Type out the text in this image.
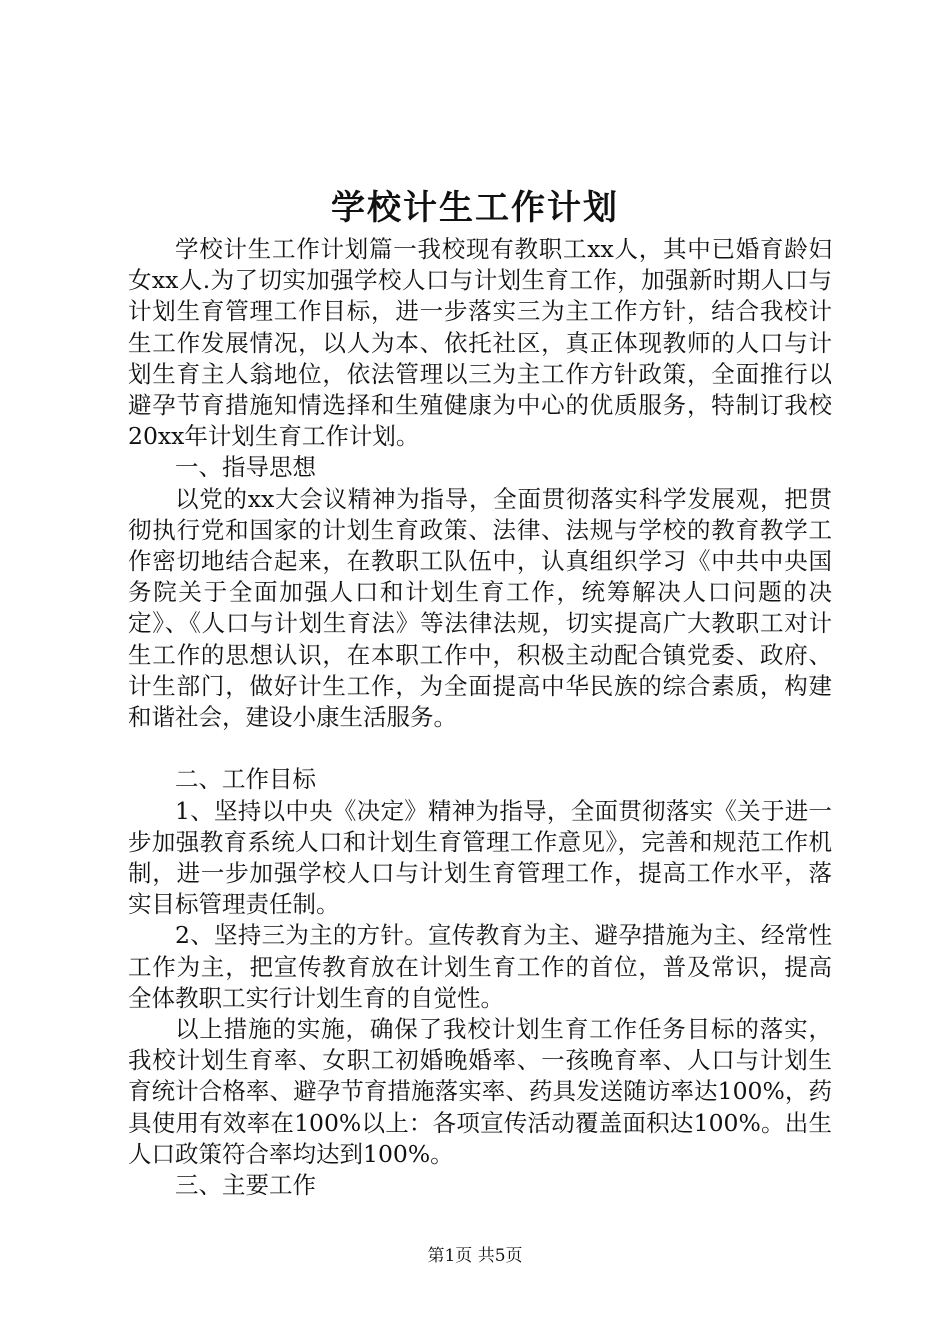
学校计生工作计划

学校计生工作计划篇一我校现有教职工xx人，其中已婚育龄妇女xx人.为了切实加强学校人口与计划生育工作，加强新时期人口与计划生育管理工作目标，进一步落实三为主工作方针，结合我校计生工作发展情况，以人为本、依托社区，真正体现教师的人口与计划生育主人翁地位，依法管理以三为主工作方针政策，全面推行以避孕节育措施知情选择和生殖健康为中心的优质服务，特制订我校20xx年计划生育工作计划。

一、指导思想

以党的xx大会议精神为指导，全面贯彻落实科学发展观，把贯彻执行党和国家的计划生育政策、法律、法规与学校的教育教学工作密切地结合起来，在教职工队伍中，认真组织学习《中共中央国务院关于全面加强人口和计划生育工作，统筹解决人口问题的决定》、《人口与计划生育法》等法律法规，切实提高广大教职工对计生工作的思想认识，在本职工作中，积极主动配合镇党委、政府、计生部门，做好计生工作，为全面提高中华民族的综合素质，构建和谐社会，建设小康生活服务。

二、工作目标

1、坚持以中央《决定》精神为指导，全面贯彻落实《关于进一步加强教育系统人口和计划生育管理工作意见》，完善和规范工作机制，进一步加强学校人口与计划生育管理工作，提高工作水平，落实目标管理责任制。

2、坚持三为主的方针。宣传教育为主、避孕措施为主、经常性工作为主，把宣传教育放在计划生育工作的首位，普及常识，提高全体教职工实行计划生育的自觉性。

以上措施的实施，确保了我校计划生育工作任务目标的落实，我校计划生育率、女职工初婚晚婚率、一孩晚育率、人口与计划生育统计合格率、避孕节育措施落实率、药具发送随访率达100%，药具使用有效率在100%以上：各项宣传活动覆盖面积达100%。出生人口政策符合率均达到100%。

三、主要工作

第1页 共5页
